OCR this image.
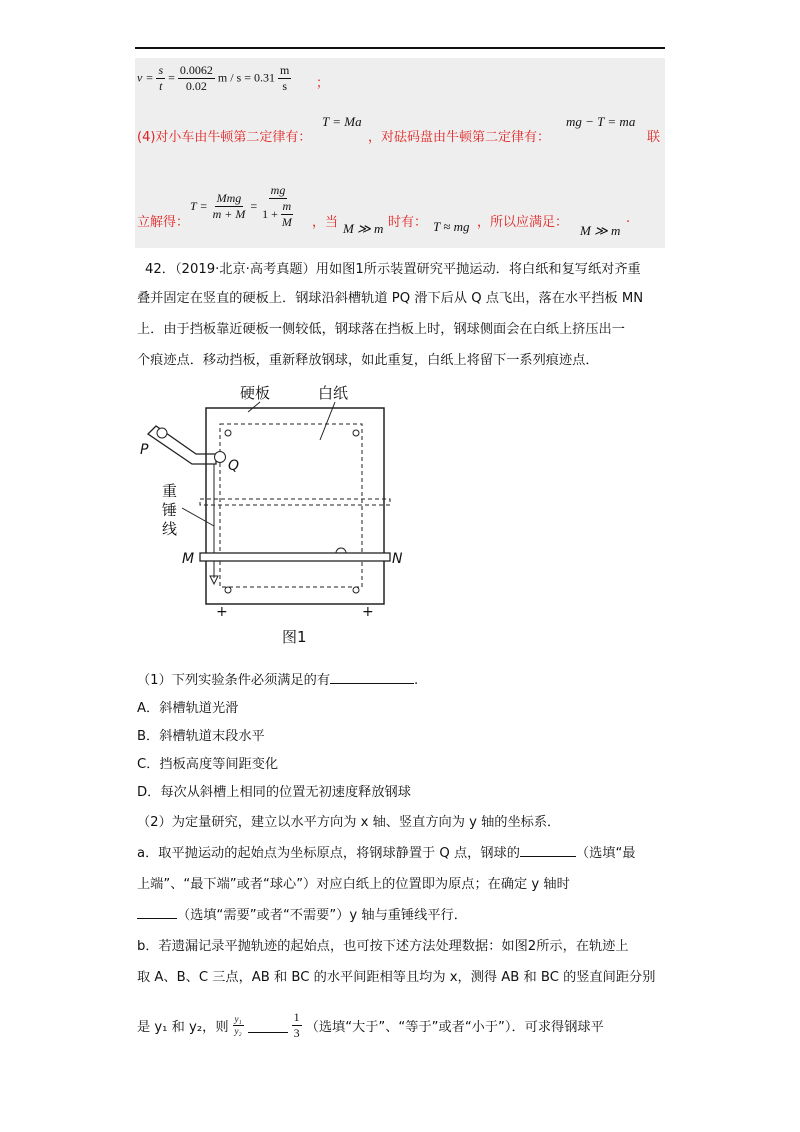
$v = \frac{s}{t} = \frac{0.0062}{0.02}$ $m / s = 0.31 \frac{m}{s}$ ；
(4)对小车由牛顿第二定律有：
T = Ma
，对砝码盘由牛顿第二定律有：
mg − T = ma
联
立解得：
$T = \frac{\text{Mmg}}{m + M} = \frac{mg}{1 + \frac{m}{M}}$ ，当 M ≫ m 时有： T ≈ mg ，所以应满足：
M ≫ m
.
42．（2019·北京·高考真题）用如图1所示装置研究平抛运动．将白纸和复写纸对齐重
叠并固定在竖直的硬板上．钢球沿斜槽轨道 PQ 滑下后从 Q 点飞出，落在水平挡板 MN
上．由于挡板靠近硬板一侧较低，钢球落在挡板上时，钢球侧面会在白纸上挤压出一
个痕迹点．移动挡板，重新释放钢球，如此重复，白纸上将留下一系列痕迹点．
硬板	白纸
P
Q
重
锤
线
M	N
+	+
图1
（1）下列实验条件必须满足的有	.
A．斜槽轨道光滑
B．斜槽轨道末段水平
C．挡板高度等间距变化
D．每次从斜槽上相同的位置无初速度释放钢球
（2）为定量研究，建立以水平方向为 x 轴、竖直方向为 y 轴的坐标系．
a．取平抛运动的起始点为坐标原点，将钢球静置于 Q 点，钢球的	（选填“最
上端”、“最下端”或者“球心”）对应白纸上的位置即为原点；在确定 y 轴时
（选填“需要”或者“不需要”）y 轴与重锤线平行．
b．若遗漏记录平抛轨迹的起始点，也可按下述方法处理数据：如图2所示，在轨迹上
取 A、B、C 三点，AB 和 BC 的水平间距相等且均为 x，测得 AB 和 BC 的竖直间距分别
是 y₁ 和 y₂，则 $\frac{\text{y₁}}{\text{y₂}}$	$\frac{1}{3}$ （选填“大于”、“等于”或者“小于”）．可求得钢球平
